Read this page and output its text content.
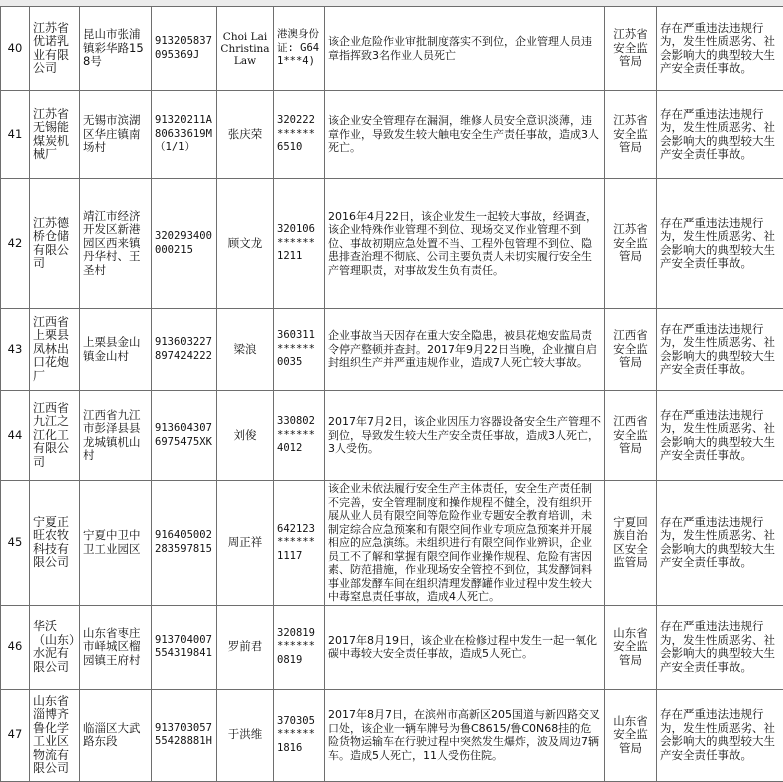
40	江苏省优诺乳业有限公司	昆山市张浦镇彩华路158号	913205837095369J	Choi Lai Christina Law	港澳身份证: G641***4)	该企业危险作业审批制度落实不到位，企业管理人员违章指挥致3名作业人员死亡	江苏省安全监管局	存在严重违法违规行为，发生性质恶劣、社会影响大的典型较大生产安全责任事故。
41	江苏省无锡能煤炭机械厂	无锡市滨湖区华庄镇南场村	91320211A80633619M（1/1）	张庆荣	320222******6510	该企业安全管理存在漏洞，维修人员安全意识淡薄，违章作业，导致发生较大触电安全生产责任事故，造成3人死亡。	江苏省安全监管局	存在严重违法违规行为，发生性质恶劣、社会影响大的典型较大生产安全责任事故。
42	江苏德桥仓储有限公司	靖江市经济开发区新港园区西来镇丹华村、王圣村	320293400000215	顾文龙	320106******1211	2016年4月22日，该企业发生一起较大事故，经调查，该企业特殊作业管理不到位、现场交叉作业管理不到位、事故初期应急处置不当、工程外包管理不到位、隐患排查治理不彻底、公司主要负责人未切实履行安全生产管理职责，对事故发生负有责任。	江苏省安全监管局	存在严重违法违规行为，发生性质恶劣、社会影响大的典型较大生产安全责任事故。
43	江西省上栗县凤林出口花炮厂	上栗县金山镇金山村	913603227897424222	梁浪	360311******0035	企业事故当天因存在重大安全隐患，被县花炮安监局责令停产整顿并查封。2017年9月22日当晚，企业擅自启封组织生产并严重违规作业，造成7人死亡较大事故。	江西省安全监管局	存在严重违法违规行为，发生性质恶劣、社会影响大的典型较大生产安全责任事故。
44	江西省九江之江化工有限公司	江西省九江市彭泽县县龙城镇机山村	9136043076975475XK	刘俊	330802******4012	2017年7月2日，该企业因压力容器设备安全生产管理不到位，导致发生较大生产安全责任事故，造成3人死亡，3人受伤。	江西省安全监管局	存在严重违法违规行为，发生性质恶劣、社会影响大的典型较大生产安全责任事故。
45	宁夏正旺农牧科技有限公司	宁夏中卫中卫工业园区	916405002283597815	周正祥	642123******1117	该企业未依法履行安全生产主体责任，安全生产责任制不完善，安全管理制度和操作规程不健全，没有组织开展从业人员有限空间等危险作业专题安全教育培训，未制定综合应急预案和有限空间作业专项应急预案并开展相应的应急演练。未组织进行有限空间作业辨识，企业员工不了解和掌握有限空间作业操作规程、危险有害因素、防范措施，作业现场安全管控不到位，其发酵饲料事业部发酵车间在组织清理发酵罐作业过程中发生较大中毒窒息责任事故，造成4人死亡。	宁夏回族自治区安全监管局	存在严重违法违规行为，发生性质恶劣、社会影响大的典型较大生产安全责任事故。
46	华沃（山东）水泥有限公司	山东省枣庄市峄城区榴园镇王府村	913704007554319841	罗前君	320819******0819	2017年8月19日，该企业在检修过程中发生一起一氧化碳中毒较大安全责任事故，造成5人死亡。	山东省安全监管局	存在严重违法违规行为，发生性质恶劣、社会影响大的典型较大生产安全责任事故。
47	山东省淄博齐鲁化学工业区物流有限公司	临淄区大武路东段	91370305755428881H	于洪维	370305******1816	2017年8月7日，在滨州市高新区205国道与新四路交叉口处，该企业一辆车牌号为鲁C8615/鲁C0N68挂的危险货物运输车在行驶过程中突然发生爆炸，波及周边7辆车。造成5人死亡，11人受伤住院。	山东省安全监管局	存在严重违法违规行为，发生性质恶劣、社会影响大的典型较大生产安全责任事故。
